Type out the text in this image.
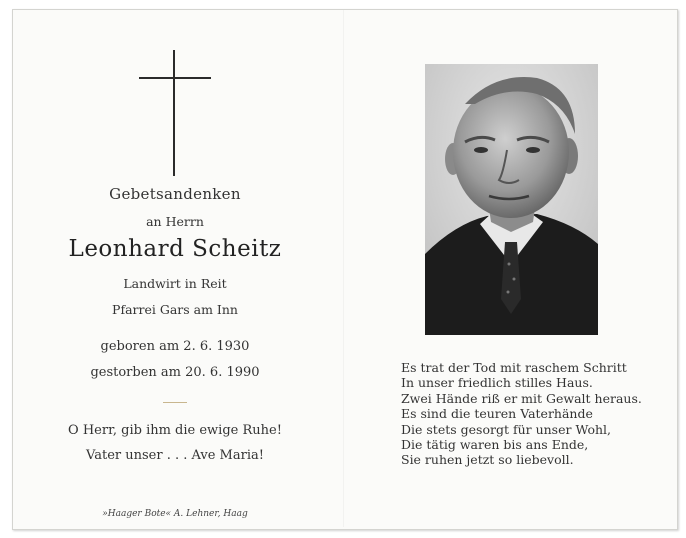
Gebetsandenken
an Herrn
Leonhard Scheitz
Landwirt in Reit
Pfarrei Gars am Inn
geboren am 2. 6. 1930
gestorben am 20. 6. 1990
O Herr, gib ihm die ewige Ruhe!
Vater unser . . . Ave Maria!
»Haager Bote« A. Lehner, Haag
Es trat der Tod mit raschem Schritt
In unser friedlich stilles Haus.
Zwei Hände riß er mit Gewalt heraus.
Es sind die teuren Vaterhände
Die stets gesorgt für unser Wohl,
Die tätig waren bis ans Ende,
Sie ruhen jetzt so liebevoll.
